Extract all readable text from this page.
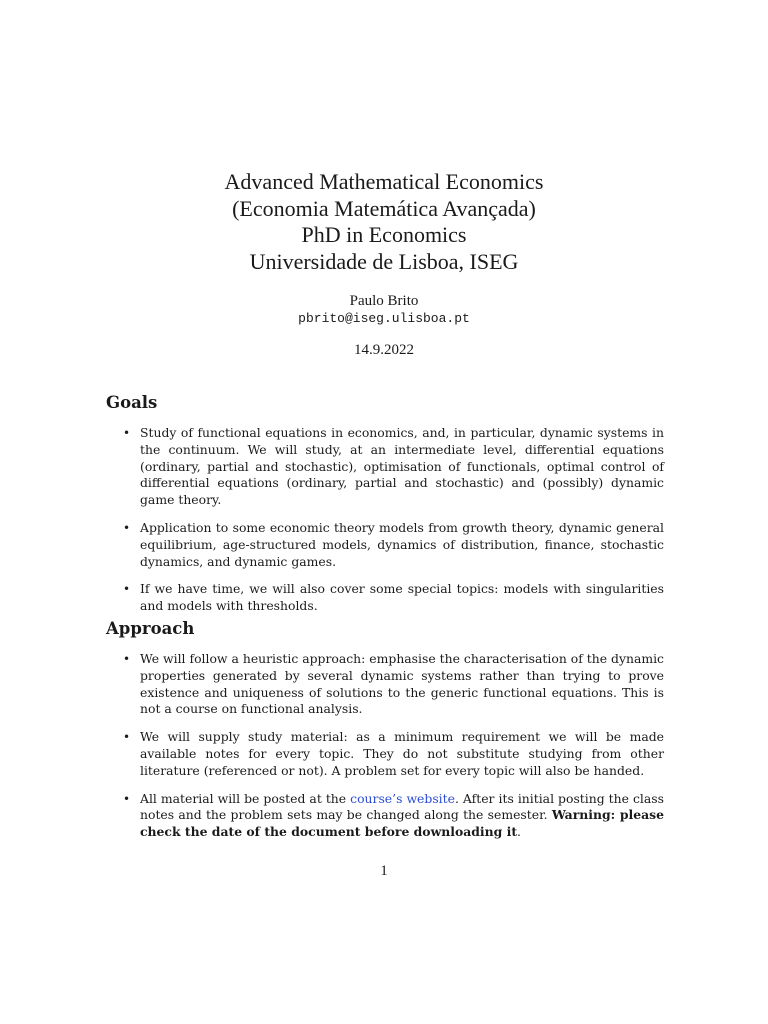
Advanced Mathematical Economics
(Economia Matemática Avançada)
PhD in Economics
Universidade de Lisboa, ISEG
Paulo Brito
pbrito@iseg.ulisboa.pt
14.9.2022
Goals
• Study of functional equations in economics, and, in particular, dynamic systems in the continuum. We will study, at an intermediate level, differential equations (ordinary, partial and stochastic), optimisation of functionals, optimal control of differential equations (ordinary, partial and stochastic) and (possibly) dynamic game theory.
• Application to some economic theory models from growth theory, dynamic general equilibrium, age-structured models, dynamics of distribution, finance, stochastic dynamics, and dynamic games.
• If we have time, we will also cover some special topics: models with singularities and models with thresholds.
Approach
• We will follow a heuristic approach: emphasise the characterisation of the dynamic properties generated by several dynamic systems rather than trying to prove existence and uniqueness of solutions to the generic functional equations. This is not a course on functional analysis.
• We will supply study material: as a minimum requirement we will be made available notes for every topic. They do not substitute studying from other literature (referenced or not). A problem set for every topic will also be handed.
• All material will be posted at the course’s website. After its initial posting the class notes and the problem sets may be changed along the semester. Warning: please check the date of the document before downloading it.
1
